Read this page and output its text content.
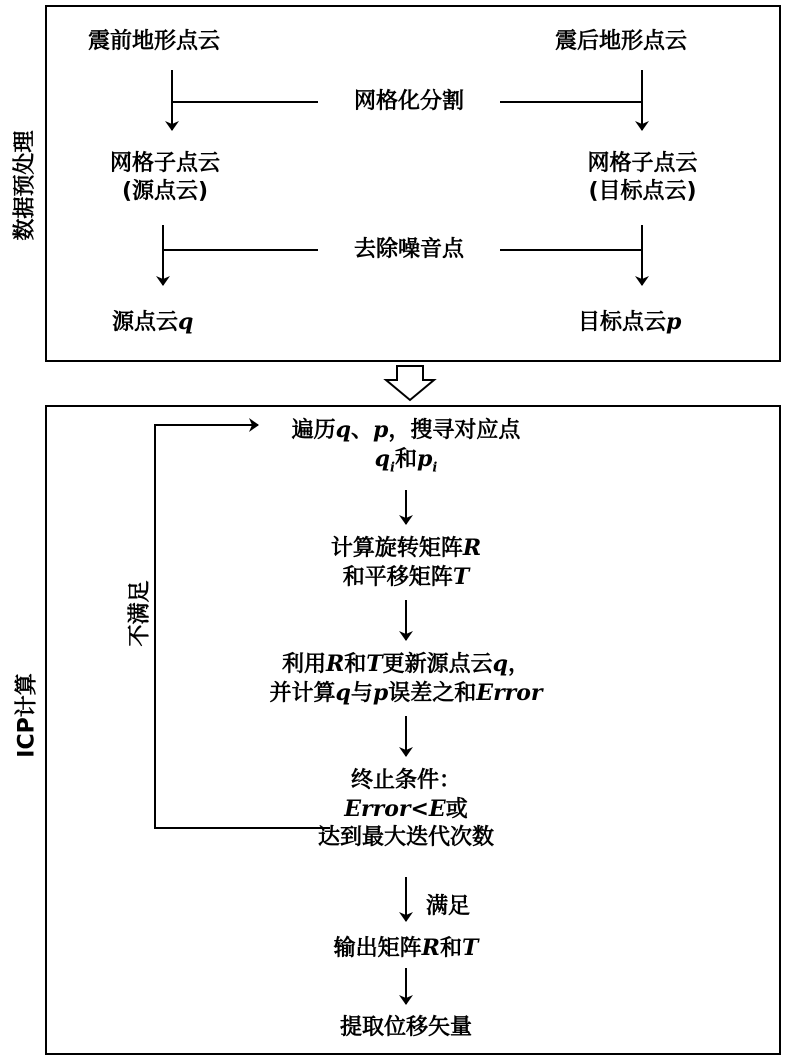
数据预处理
ICP计算
震前地形点云	震后地形点云
网格化分割
网格子点云
(源点云)
网格子点云
(目标点云)
去除噪音点
源点云q	目标点云p
遍历q、p，搜寻对应点
$q_i$和$p_i$
计算旋转矩阵R
和平移矩阵T
利用R和T更新源点云q，
并计算q与p误差之和Error
终止条件：
Error<E或
达到最大迭代次数
满足
输出矩阵R和T
提取位移矢量
不满足
